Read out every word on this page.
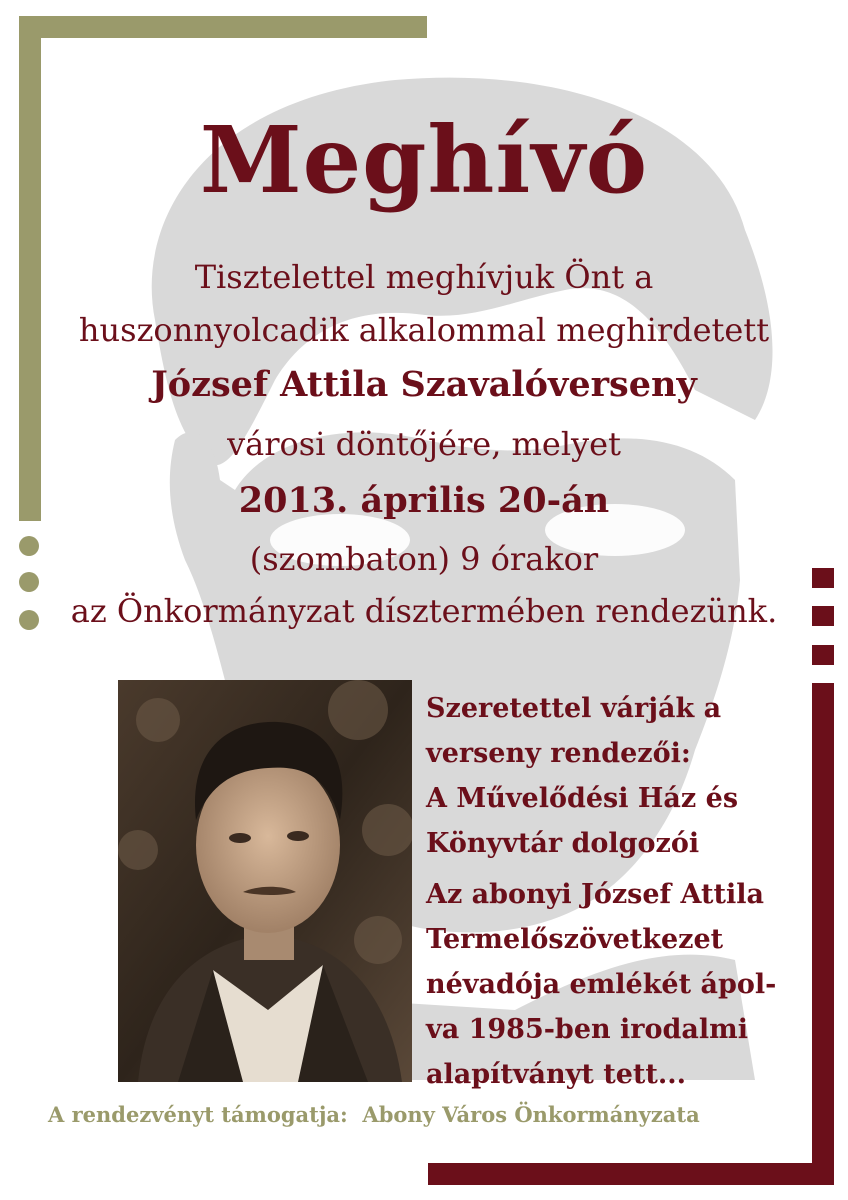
Meghívó
Tisztelettel meghívjuk Önt a
huszonnyolcadik alkalommal meghirdetett
József Attila Szavalóverseny
városi döntőjére, melyet
2013. április 20-án
(szombaton) 9 órakor
az Önkormányzat dísztermében rendezünk.
Szeretettel várják a
verseny rendezői:
A Művelődési Ház és
Könyvtár dolgozói
Az abonyi József Attila
Termelőszövetkezet
névadója emlékét ápol-
va 1985-ben irodalmi
alapítványt tett...
A rendezvényt támogatja: Abony Város Önkormányzata
